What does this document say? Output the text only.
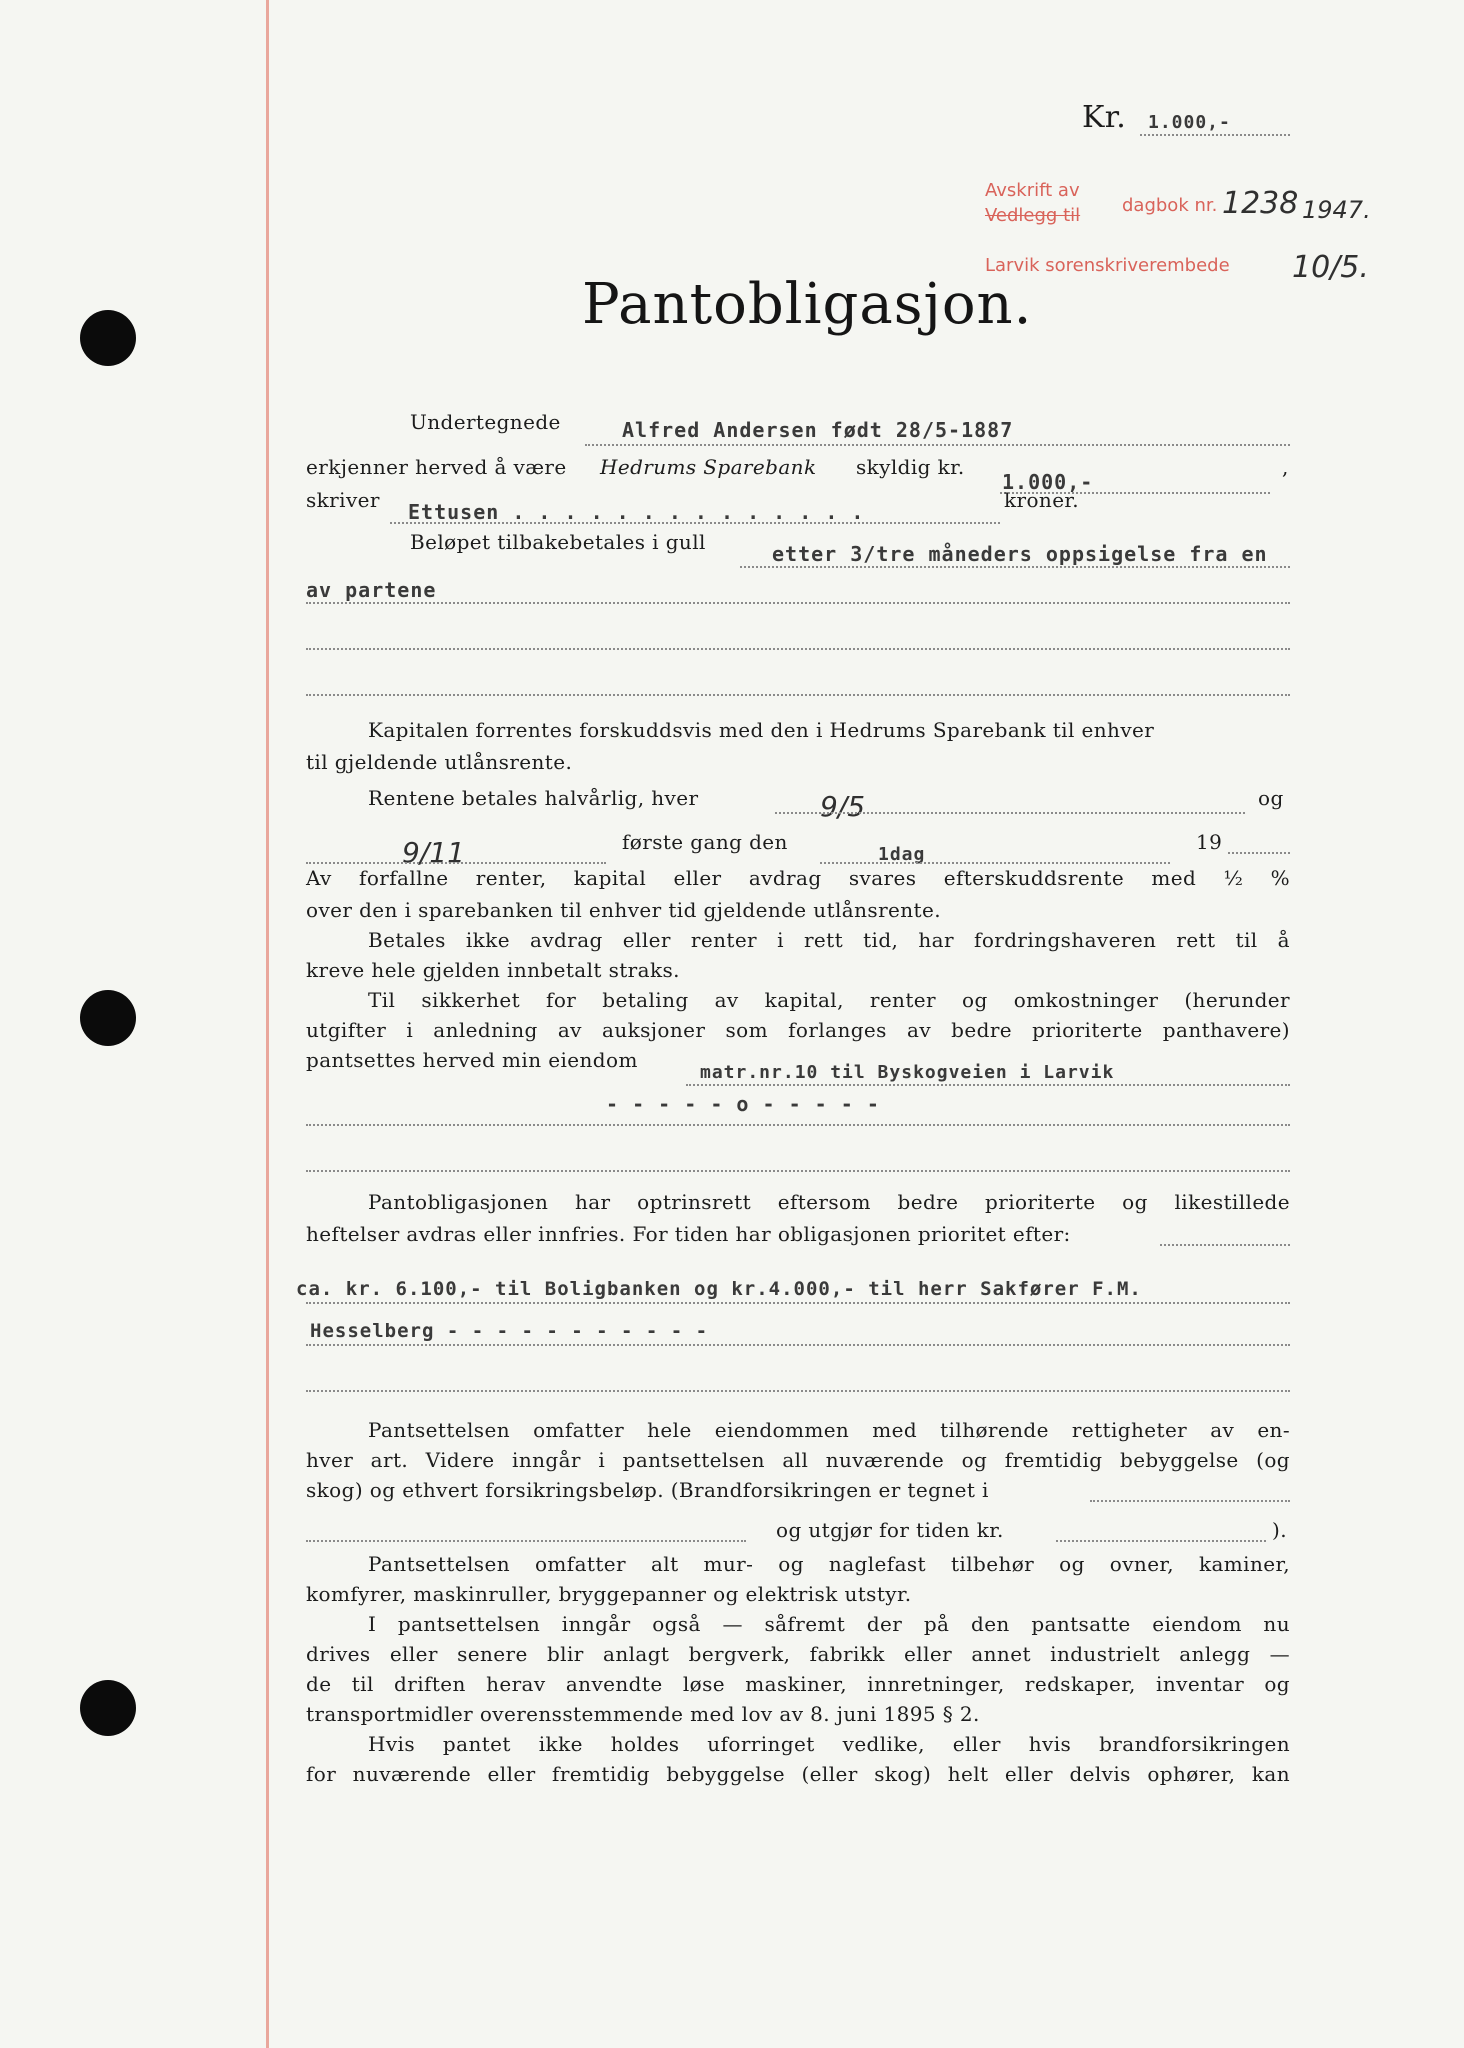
Kr. 1.000,-
Avskrift av
Vedlegg til dagbok nr. 1238 1947.
Larvik sorenskriverembede 10/5.
Pantobligasjon.
Undertegnede	Alfred Andersen født 28/5-1887
erkjenner herved å være Hedrums Sparebank skyldig kr.
1.000,-
,
skriver Ettusen . . . . . . . . . . . . . .	kroner.
Beløpet tilbakebetales i gull	etter 3/tre måneders oppsigelse fra en
av partene
Kapitalen forrentes forskuddsvis med den i Hedrums Sparebank til enhver
til gjeldende utlånsrente.
Rentene betales halvårlig, hver	9/5	og
9/11	første gang den
1dag
19
Av forfallne renter, kapital eller avdrag svares efterskuddsrente med ½ %
over den i sparebanken til enhver tid gjeldende utlånsrente.
Betales ikke avdrag eller renter i rett tid, har fordringshaveren rett til å
kreve hele gjelden innbetalt straks.
Til sikkerhet for betaling av kapital, renter og omkostninger (herunder
utgifter i anledning av auksjoner som forlanges av bedre prioriterte panthavere)
pantsettes herved min eiendom
matr.nr.10 til Byskogveien i Larvik
- - - - - o - - - - -
Pantobligasjonen har optrinsrett eftersom bedre prioriterte og likestillede
heftelser avdras eller innfries. For tiden har obligasjonen prioritet efter:
ca. kr. 6.100,- til Boligbanken og kr.4.000,- til herr Sakfører F.M.
Hesselberg - - - - - - - - - - -
Pantsettelsen omfatter hele eiendommen med tilhørende rettigheter av en-
hver art. Videre inngår i pantsettelsen all nuværende og fremtidig bebyggelse (og
skog) og ethvert forsikringsbeløp. (Brandforsikringen er tegnet i
og utgjør for tiden kr.	).
Pantsettelsen omfatter alt mur- og naglefast tilbehør og ovner, kaminer,
komfyrer, maskinruller, bryggepanner og elektrisk utstyr.
I pantsettelsen inngår også — såfremt der på den pantsatte eiendom nu
drives eller senere blir anlagt bergverk, fabrikk eller annet industrielt anlegg —
de til driften herav anvendte løse maskiner, innretninger, redskaper, inventar og
transportmidler overensstemmende med lov av 8. juni 1895 § 2.
Hvis pantet ikke holdes uforringet vedlike, eller hvis brandforsikringen
for nuværende eller fremtidig bebyggelse (eller skog) helt eller delvis ophører, kan
